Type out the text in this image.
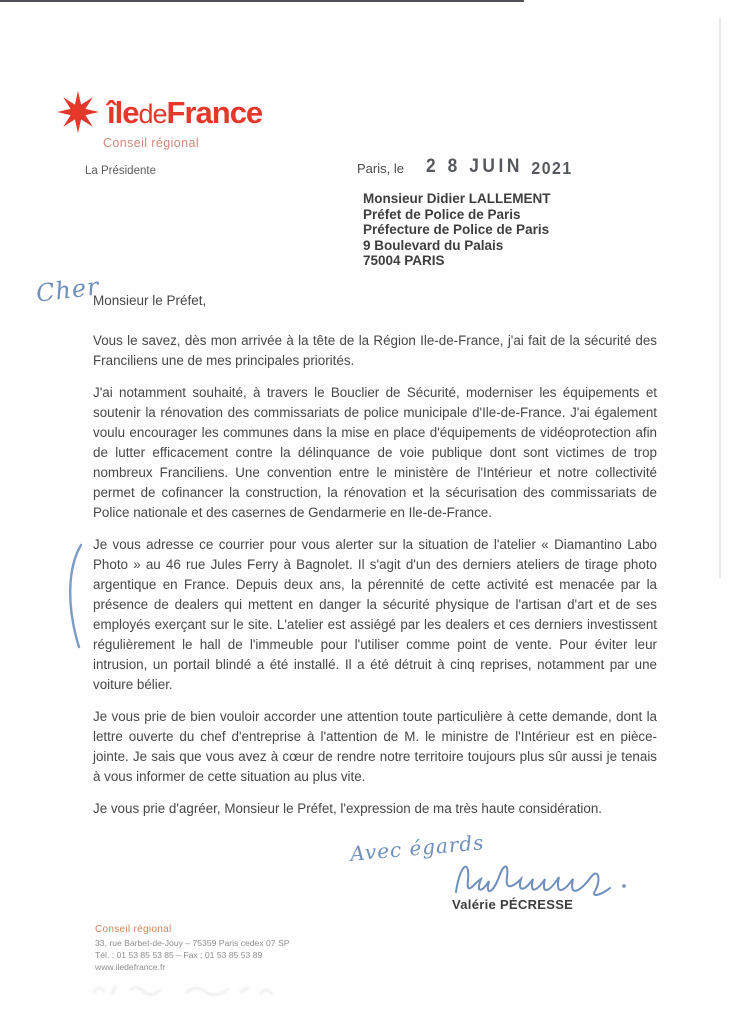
îledeFrance
Conseil régional
La Présidente	Paris, le 2 8 JUIN 2021
Monsieur Didier LALLEMENT
Préfet de Police de Paris
Préfecture de Police de Paris
9 Boulevard du Palais
75004 PARIS
Cher
Monsieur le Préfet,

Vous le savez, dès mon arrivée à la tête de la Région Ile-de-France, j'ai fait de la sécurité des Franciliens une de mes principales priorités.

J'ai notamment souhaité, à travers le Bouclier de Sécurité, moderniser les équipements et soutenir la rénovation des commissariats de police municipale d'Ile-de-France. J'ai également voulu encourager les communes dans la mise en place d'équipements de vidéoprotection afin de lutter efficacement contre la délinquance de voie publique dont sont victimes de trop nombreux Franciliens. Une convention entre le ministère de l'Intérieur et notre collectivité permet de cofinancer la construction, la rénovation et la sécurisation des commissariats de Police nationale et des casernes de Gendarmerie en Ile-de-France.

Je vous adresse ce courrier pour vous alerter sur la situation de l'atelier « Diamantino Labo Photo » au 46 rue Jules Ferry à Bagnolet. Il s'agit d'un des derniers ateliers de tirage photo argentique en France. Depuis deux ans, la pérennité de cette activité est menacée par la présence de dealers qui mettent en danger la sécurité physique de l'artisan d'art et de ses employés exerçant sur le site. L'atelier est assiégé par les dealers et ces derniers investissent régulièrement le hall de l'immeuble pour l'utiliser comme point de vente. Pour éviter leur intrusion, un portail blindé a été installé. Il a été détruit à cinq reprises, notamment par une voiture bélier.

Je vous prie de bien vouloir accorder une attention toute particulière à cette demande, dont la lettre ouverte du chef d'entreprise à l'attention de M. le ministre de l'Intérieur est en pièce-jointe. Je sais que vous avez à cœur de rendre notre territoire toujours plus sûr aussi je tenais à vous informer de cette situation au plus vite.

Je vous prie d'agréer, Monsieur le Préfet, l'expression de ma très haute considération.

Avec égards
Valérie PÉCRESSE
Conseil régional
33, rue Barbet-de-Jouy – 75359 Paris cedex 07 SP
Tél. : 01 53 85 53 85 – Fax : 01 53 85 53 89
www.iledefrance.fr
